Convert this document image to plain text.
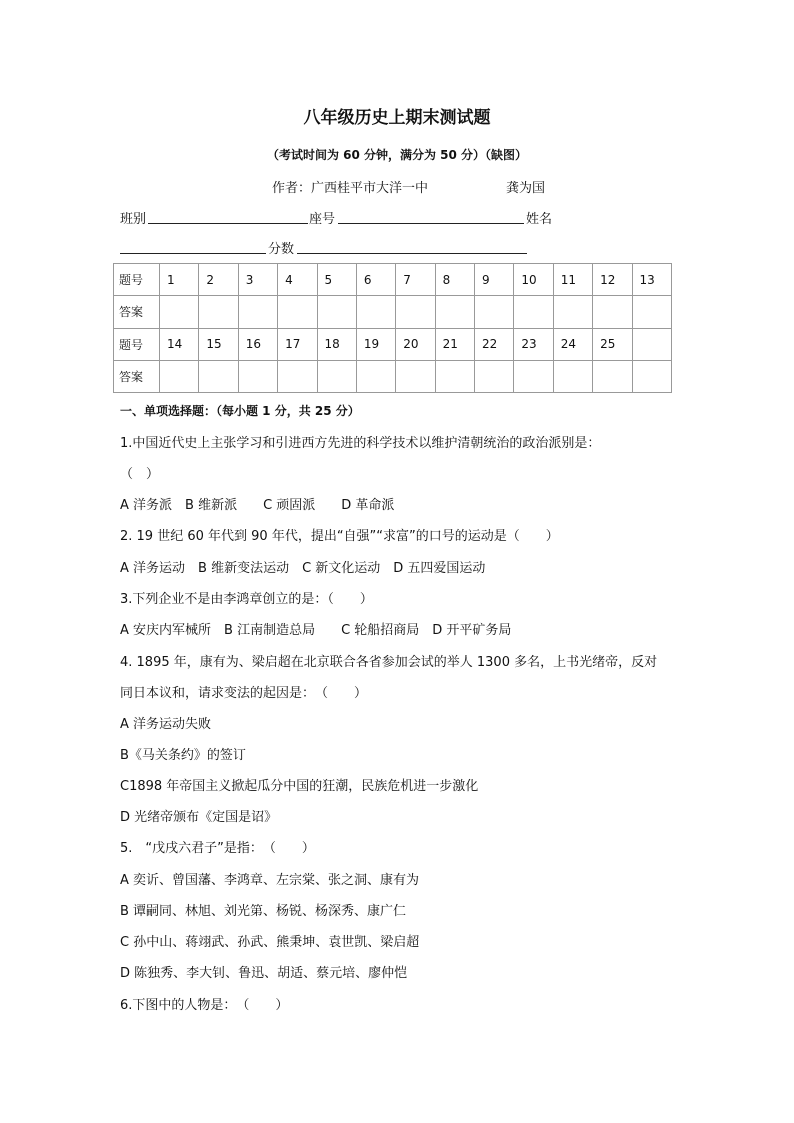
八年级历史上期末测试题
（考试时间为 60 分钟，满分为 50 分）（缺图）
作者：广西桂平市大洋一中	龚为国
班别	座号	姓名
分数
题号	1	2	3	4	5	6	7	8	9	10	11	12	13
答案													
题号	14	15	16	17	18	19	20	21	22	23	24	25	
答案													
一、单项选择题：（每小题 1 分，共 25 分）
1.中国近代史上主张学习和引进西方先进的科学技术以维护清朝统治的政治派别是：
（　）
A 洋务派　B 维新派　　C 顽固派　　D 革命派
2. 19 世纪 60 年代到 90 年代，提出“自强”“求富”的口号的运动是（　　）
A 洋务运动　B 维新变法运动　C 新文化运动　D 五四爱国运动
3.下列企业不是由李鸿章创立的是：（　　）
A 安庆内军械所　B 江南制造总局　　C 轮船招商局　D 开平矿务局
4. 1895 年，康有为、梁启超在北京联合各省参加会试的举人 1300 多名，上书光绪帝，反对
同日本议和，请求变法的起因是：　（　　）
A 洋务运动失败
B《马关条约》的签订
C1898 年帝国主义掀起瓜分中国的狂潮，民族危机进一步激化
D 光绪帝颁布《定国是诏》
5.　“戊戌六君子”是指：　（　　）
A 奕䜣、曾国藩、李鸿章、左宗棠、张之洞、康有为
B 谭嗣同、林旭、刘光第、杨锐、杨深秀、康广仁
C 孙中山、蒋翊武、孙武、熊秉坤、袁世凯、梁启超
D 陈独秀、李大钊、鲁迅、胡适、蔡元培、廖仲恺
6.下图中的人物是：　（　　）
